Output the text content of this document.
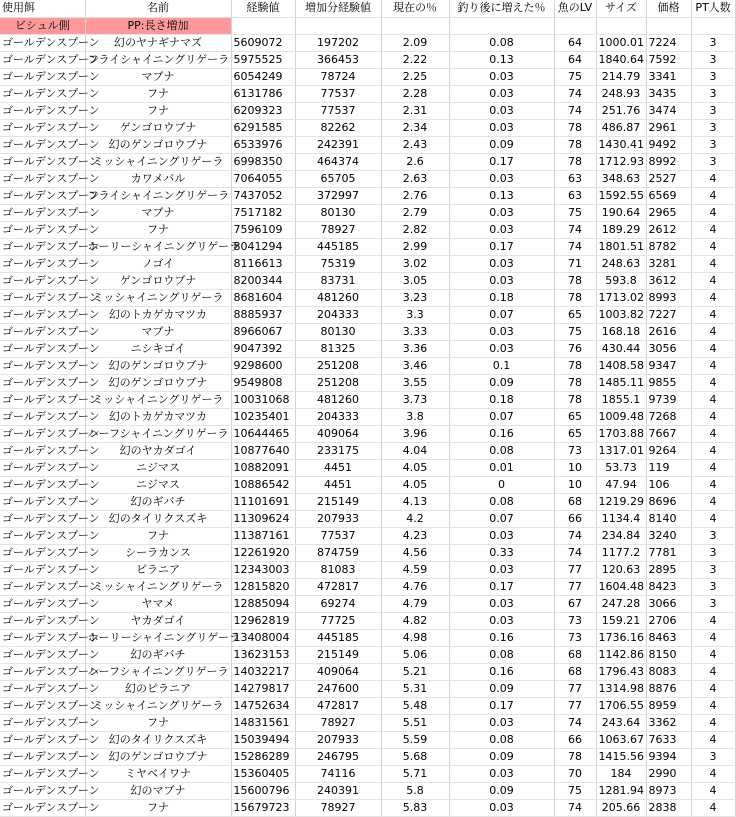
使用餌	名前	経験値	増加分経験値	現在の％	釣り後に増えた％	魚のLV	サイズ	価格	PT人数
ビシュル側	PP:長さ増加								
ゴールデンスプーン	幻のヤナギナマズ	5609072	197202	2.09	0.08	64	1000.01	7224	3
ゴールデンスプーン	フライシャイニングリゲーラ	5975525	366453	2.22	0.13	64	1840.64	7592	3
ゴールデンスプーン	マブナ	6054249	78724	2.25	0.03	75	214.79	3341	3
ゴールデンスプーン	フナ	6131786	77537	2.28	0.03	74	248.93	3435	3
ゴールデンスプーン	フナ	6209323	77537	2.31	0.03	74	251.76	3474	3
ゴールデンスプーン	ゲンゴロウブナ	6291585	82262	2.34	0.03	78	486.87	2961	3
ゴールデンスプーン	幻のゲンゴロウブナ	6533976	242391	2.43	0.09	78	1430.41	9492	3
ゴールデンスプーン	ミッシャイニングリゲーラ	6998350	464374	2.6	0.17	78	1712.93	8992	3
ゴールデンスプーン	カワメバル	7064055	65705	2.63	0.03	63	348.63	2527	4
ゴールデンスプーン	フライシャイニングリゲーラ	7437052	372997	2.76	0.13	63	1592.55	6569	4
ゴールデンスプーン	マブナ	7517182	80130	2.79	0.03	75	190.64	2965	4
ゴールデンスプーン	フナ	7596109	78927	2.82	0.03	74	189.29	2612	4
ゴールデンスプーン	ホーリーシャイニングリゲーラ	8041294	445185	2.99	0.17	74	1801.51	8782	4
ゴールデンスプーン	ノゴイ	8116613	75319	3.02	0.03	71	248.63	3281	4
ゴールデンスプーン	ゲンゴロウブナ	8200344	83731	3.05	0.03	78	593.8	3612	4
ゴールデンスプーン	ミッシャイニングリゲーラ	8681604	481260	3.23	0.18	78	1713.02	8993	4
ゴールデンスプーン	幻のトカゲカマツカ	8885937	204333	3.3	0.07	65	1003.82	7227	4
ゴールデンスプーン	マブナ	8966067	80130	3.33	0.03	75	168.18	2616	4
ゴールデンスプーン	ニシキゴイ	9047392	81325	3.36	0.03	76	430.44	3056	4
ゴールデンスプーン	幻のゲンゴロウブナ	9298600	251208	3.46	0.1	78	1408.58	9347	4
ゴールデンスプーン	幻のゲンゴロウブナ	9549808	251208	3.55	0.09	78	1485.11	9855	4
ゴールデンスプーン	ミッシャイニングリゲーラ	10031068	481260	3.73	0.18	78	1855.1	9739	4
ゴールデンスプーン	幻のトカゲカマツカ	10235401	204333	3.8	0.07	65	1009.48	7268	4
ゴールデンスプーン	ハーフシャイニングリゲーラ	10644465	409064	3.96	0.16	65	1703.88	7667	4
ゴールデンスプーン	幻のヤカダゴイ	10877640	233175	4.04	0.08	73	1317.01	9264	4
ゴールデンスプーン	ニジマス	10882091	4451	4.05	0.01	10	53.73	119	4
ゴールデンスプーン	ニジマス	10886542	4451	4.05	0	10	47.94	106	4
ゴールデンスプーン	幻のギバチ	11101691	215149	4.13	0.08	68	1219.29	8696	4
ゴールデンスプーン	幻のタイリクスズキ	11309624	207933	4.2	0.07	66	1134.4	8140	4
ゴールデンスプーン	フナ	11387161	77537	4.23	0.03	74	234.84	3240	3
ゴールデンスプーン	シーラカンス	12261920	874759	4.56	0.33	74	1177.2	7781	3
ゴールデンスプーン	ピラニア	12343003	81083	4.59	0.03	77	120.63	2895	3
ゴールデンスプーン	ミッシャイニングリゲーラ	12815820	472817	4.76	0.17	77	1604.48	8423	3
ゴールデンスプーン	ヤマメ	12885094	69274	4.79	0.03	67	247.28	3066	3
ゴールデンスプーン	ヤカダゴイ	12962819	77725	4.82	0.03	73	159.21	2706	4
ゴールデンスプーン	ホーリーシャイニングリゲーラ	13408004	445185	4.98	0.16	73	1736.16	8463	4
ゴールデンスプーン	幻のギバチ	13623153	215149	5.06	0.08	68	1142.86	8150	4
ゴールデンスプーン	ハーフシャイニングリゲーラ	14032217	409064	5.21	0.16	68	1796.43	8083	4
ゴールデンスプーン	幻のピラニア	14279817	247600	5.31	0.09	77	1314.98	8876	4
ゴールデンスプーン	ミッシャイニングリゲーラ	14752634	472817	5.48	0.17	77	1706.55	8959	4
ゴールデンスプーン	フナ	14831561	78927	5.51	0.03	74	243.64	3362	4
ゴールデンスプーン	幻のタイリクスズキ	15039494	207933	5.59	0.08	66	1063.67	7633	4
ゴールデンスプーン	幻のゲンゴロウブナ	15286289	246795	5.68	0.09	78	1415.56	9394	3
ゴールデンスプーン	ミヤベイワナ	15360405	74116	5.71	0.03	70	184	2990	4
ゴールデンスプーン	幻のマブナ	15600796	240391	5.8	0.09	75	1281.94	8973	4
ゴールデンスプーン	フナ	15679723	78927	5.83	0.03	74	205.66	2838	4
